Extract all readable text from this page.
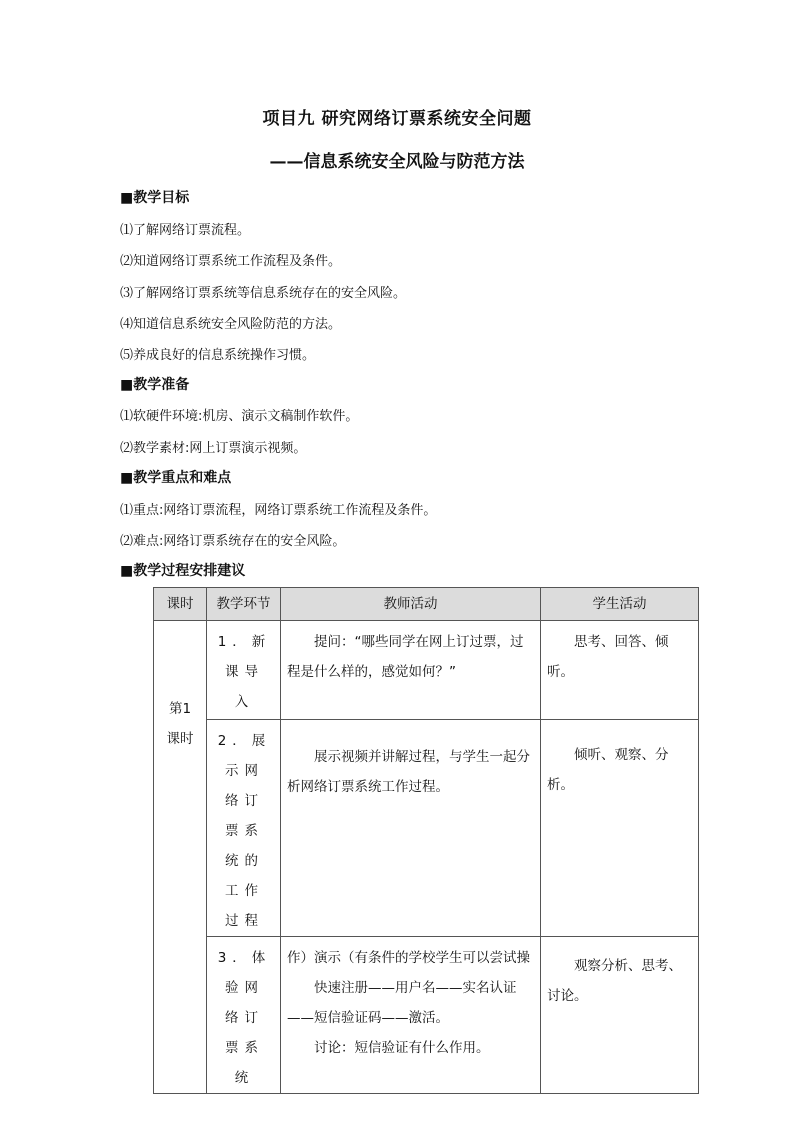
项目九 研究网络订票系统安全问题
——信息系统安全风险与防范方法
■教学目标
⑴了解网络订票流程。
⑵知道网络订票系统工作流程及条件。
⑶了解网络订票系统等信息系统存在的安全风险。
⑷知道信息系统安全风险防范的方法。
⑸养成良好的信息系统操作习惯。
■教学准备
⑴软硬件环境:机房、演示文稿制作软件。
⑵教学素材:网上订票演示视频。
■教学重点和难点
⑴重点:网络订票流程，网络订票系统工作流程及条件。
⑵难点:网络订票系统存在的安全风险。
■教学过程安排建议
课时	教学环节	教师活动	学生活动

第1课时	1．新课导入	提问：“哪些同学在网上订过票，过程是什么样的，感觉如何？”	思考、回答、倾听。

	2．展示网络订票系统的工作过程	展示视频并讲解过程，与学生一起分析网络订票系统工作过程。	倾听、观察、分析。

	3．体验网络订票系统	作）演示（有条件的学校学生可以尝试操
快速注册——用户名——实名认证——短信验证码——激活。
讨论：短信验证有什么作用。	观察分析、思考、讨论。
